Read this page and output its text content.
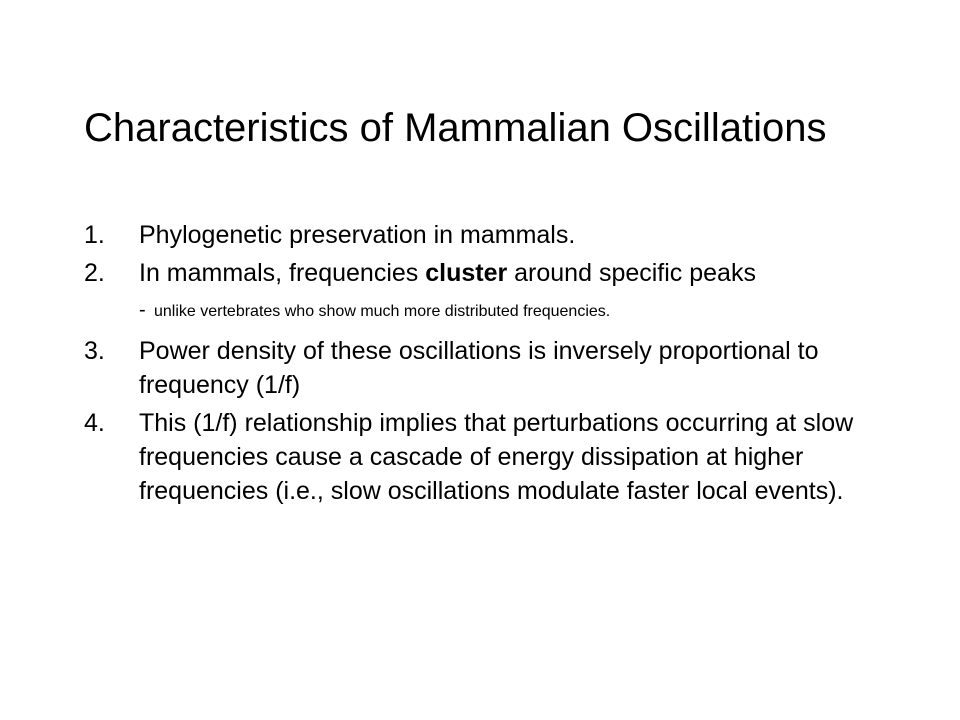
Characteristics of Mammalian Oscillations
1.	Phylogenetic preservation in mammals.
2.	In mammals, frequencies cluster around specific peaks
- unlike vertebrates who show much more distributed frequencies.
3.	Power density of these oscillations is inversely proportional to frequency (1/f)
4.	This (1/f) relationship implies that perturbations occurring at slow frequencies cause a cascade of energy dissipation at higher frequencies (i.e., slow oscillations modulate faster local events).
